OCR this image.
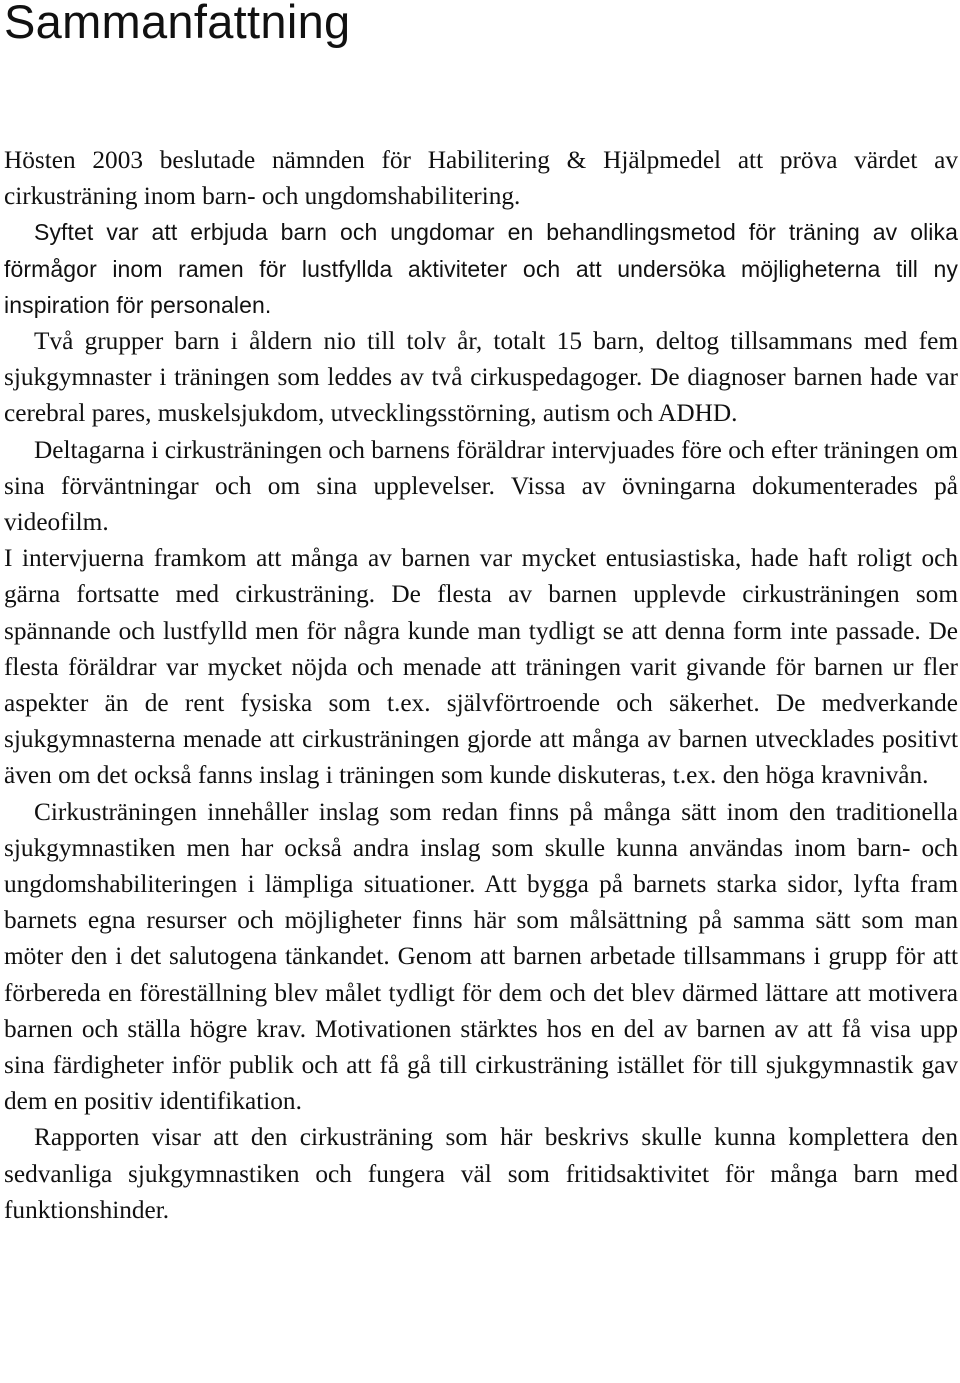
Sammanfattning

Hösten 2003 beslutade nämnden för Habilitering & Hjälpmedel att pröva värdet av cirkusträning inom barn- och ungdomshabilitering.

Syftet var att erbjuda barn och ungdomar en behandlingsmetod för träning av olika förmågor inom ramen för lustfyllda aktiviteter och att undersöka möjligheterna till ny inspiration för personalen.

Två grupper barn i åldern nio till tolv år, totalt 15 barn, deltog tillsammans med fem sjukgymnaster i träningen som leddes av två cirkuspedagoger. De diagnoser barnen hade var cerebral pares, muskelsjukdom, utvecklingsstörning, autism och ADHD.

Deltagarna i cirkusträningen och barnens föräldrar intervjuades före och efter träningen om sina förväntningar och om sina upplevelser. Vissa av övningarna dokumenterades på videofilm.

I intervjuerna framkom att många av barnen var mycket entusiastiska, hade haft roligt och gärna fortsatte med cirkusträning. De flesta av barnen upplevde cirkusträningen som spännande och lustfylld men för några kunde man tydligt se att denna form inte passade. De flesta föräldrar var mycket nöjda och menade att träningen varit givande för barnen ur fler aspekter än de rent fysiska som t.ex. självförtroende och säkerhet. De medverkande sjukgymnasterna menade att cirkusträningen gjorde att många av barnen utvecklades positivt även om det också fanns inslag i träningen som kunde diskuteras, t.ex. den höga kravnivån.

Cirkusträningen innehåller inslag som redan finns på många sätt inom den traditionella sjukgymnastiken men har också andra inslag som skulle kunna användas inom barn- och ungdomshabiliteringen i lämpliga situationer. Att bygga på barnets starka sidor, lyfta fram barnets egna resurser och möjligheter finns här som målsättning på samma sätt som man möter den i det salutogena tänkandet. Genom att barnen arbetade tillsammans i grupp för att förbereda en föreställning blev målet tydligt för dem och det blev därmed lättare att motivera barnen och ställa högre krav. Motivationen stärktes hos en del av barnen av att få visa upp sina färdigheter inför publik och att få gå till cirkusträning istället för till sjukgymnastik gav dem en positiv identifikation.

Rapporten visar att den cirkusträning som här beskrivs skulle kunna komplettera den sedvanliga sjukgymnastiken och fungera väl som fritidsaktivitet för många barn med funktionshinder.
